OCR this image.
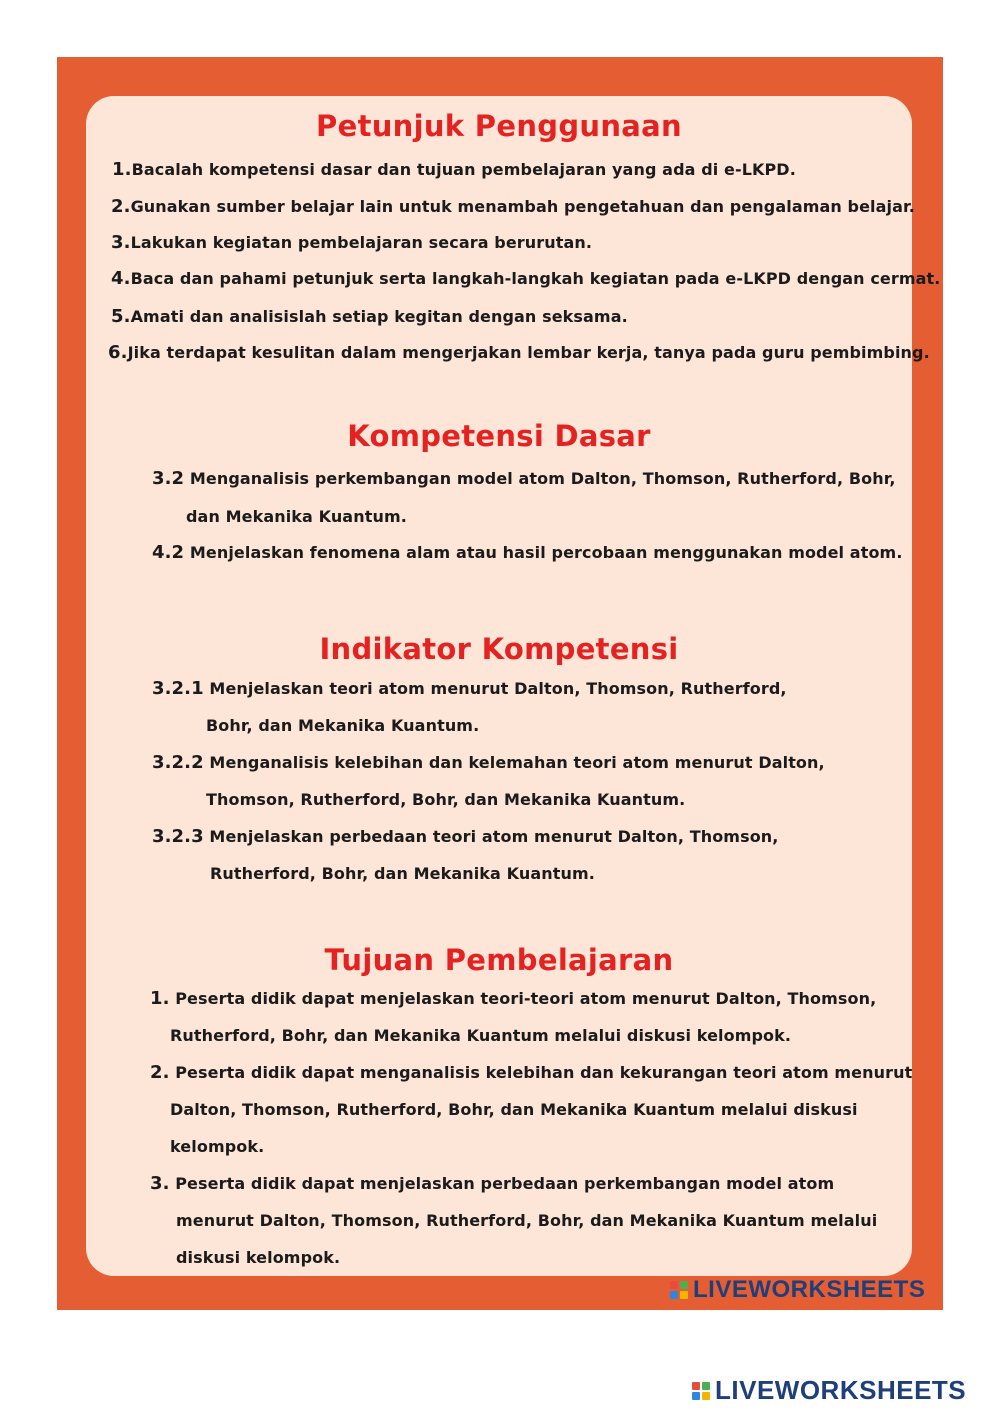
Petunjuk Penggunaan
1.Bacalah kompetensi dasar dan tujuan pembelajaran yang ada di e-LKPD.
2.Gunakan sumber belajar lain untuk menambah pengetahuan dan pengalaman belajar.
3.Lakukan kegiatan pembelajaran secara berurutan.
4.Baca dan pahami petunjuk serta langkah-langkah kegiatan pada e-LKPD dengan cermat.
5.Amati dan analisislah setiap kegitan dengan seksama.
6.Jika terdapat kesulitan dalam mengerjakan lembar kerja, tanya pada guru pembimbing.
Kompetensi Dasar
3.2 Menganalisis perkembangan model atom Dalton, Thomson, Rutherford, Bohr,
dan Mekanika Kuantum.
4.2 Menjelaskan fenomena alam atau hasil percobaan menggunakan model atom.
Indikator Kompetensi
3.2.1 Menjelaskan teori atom menurut Dalton, Thomson, Rutherford,
Bohr, dan Mekanika Kuantum.
3.2.2 Menganalisis kelebihan dan kelemahan teori atom menurut Dalton,
Thomson, Rutherford, Bohr, dan Mekanika Kuantum.
3.2.3 Menjelaskan perbedaan teori atom menurut Dalton, Thomson,
Rutherford, Bohr, dan Mekanika Kuantum.
Tujuan Pembelajaran
1. Peserta didik dapat menjelaskan teori-teori atom menurut Dalton, Thomson,
Rutherford, Bohr, dan Mekanika Kuantum melalui diskusi kelompok.
2. Peserta didik dapat menganalisis kelebihan dan kekurangan teori atom menurut
Dalton, Thomson, Rutherford, Bohr, dan Mekanika Kuantum melalui diskusi
kelompok.
3. Peserta didik dapat menjelaskan perbedaan perkembangan model atom
menurut Dalton, Thomson, Rutherford, Bohr, dan Mekanika Kuantum melalui
diskusi kelompok.
LIVEWORKSHEETS
LIVEWORKSHEETS
